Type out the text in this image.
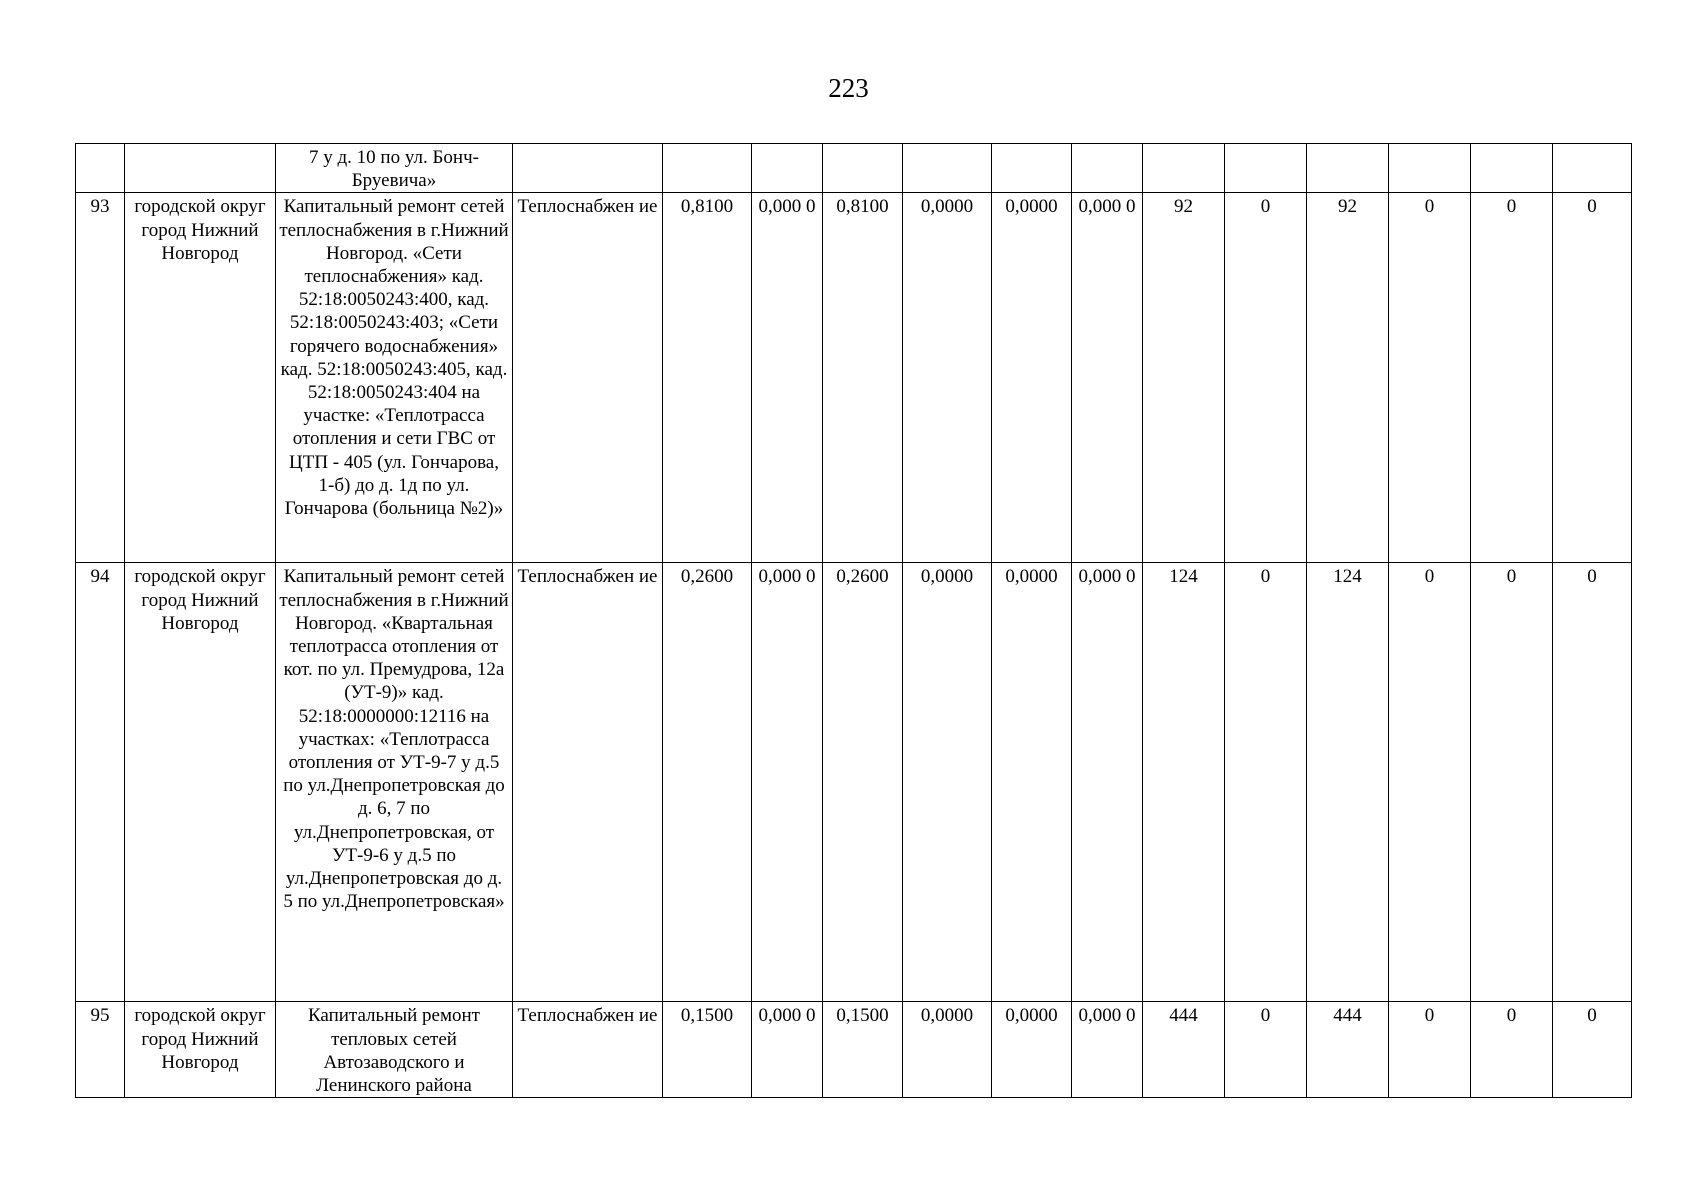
223
		7 у д. 10 по ул. Бонч-
Бруевича»													
93	городской округ город Нижний Новгород	Капитальный ремонт сетей теплоснабжения в г.Нижний Новгород. «Сети теплоснабжения» кад. 52:18:0050243:400, кад. 52:18:0050243:403; «Сети горячего водоснабжения» кад. 52:18:0050243:405, кад. 52:18:0050243:404 на участке: «Теплотрасса отопления и сети ГВС от ЦТП - 405 (ул. Гончарова, 1-б) до д. 1д по ул. Гончарова (больница №2)»	Теплоснабжен ие	0,8100	0,000 0	0,8100	0,0000	0,0000	0,000 0	92	0	92	0	0	0
94	городской округ город Нижний Новгород	Капитальный ремонт сетей теплоснабжения в г.Нижний Новгород. «Квартальная теплотрасса отопления от кот. по ул. Премудрова, 12а (УТ-9)» кад. 52:18:0000000:12116 на участках: «Теплотрасса отопления от УТ-9-7 у д.5 по ул.Днепропетровская до д. 6, 7 по ул.Днепропетровская, от УТ-9-6 у д.5 по ул.Днепропетровская до д. 5 по ул.Днепропетровская»	Теплоснабжен ие	0,2600	0,000 0	0,2600	0,0000	0,0000	0,000 0	124	0	124	0	0	0
95	городской округ город Нижний Новгород	Капитальный ремонт тепловых сетей Автозаводского и Ленинского района	Теплоснабжен ие	0,1500	0,000 0	0,1500	0,0000	0,0000	0,000 0	444	0	444	0	0	0
